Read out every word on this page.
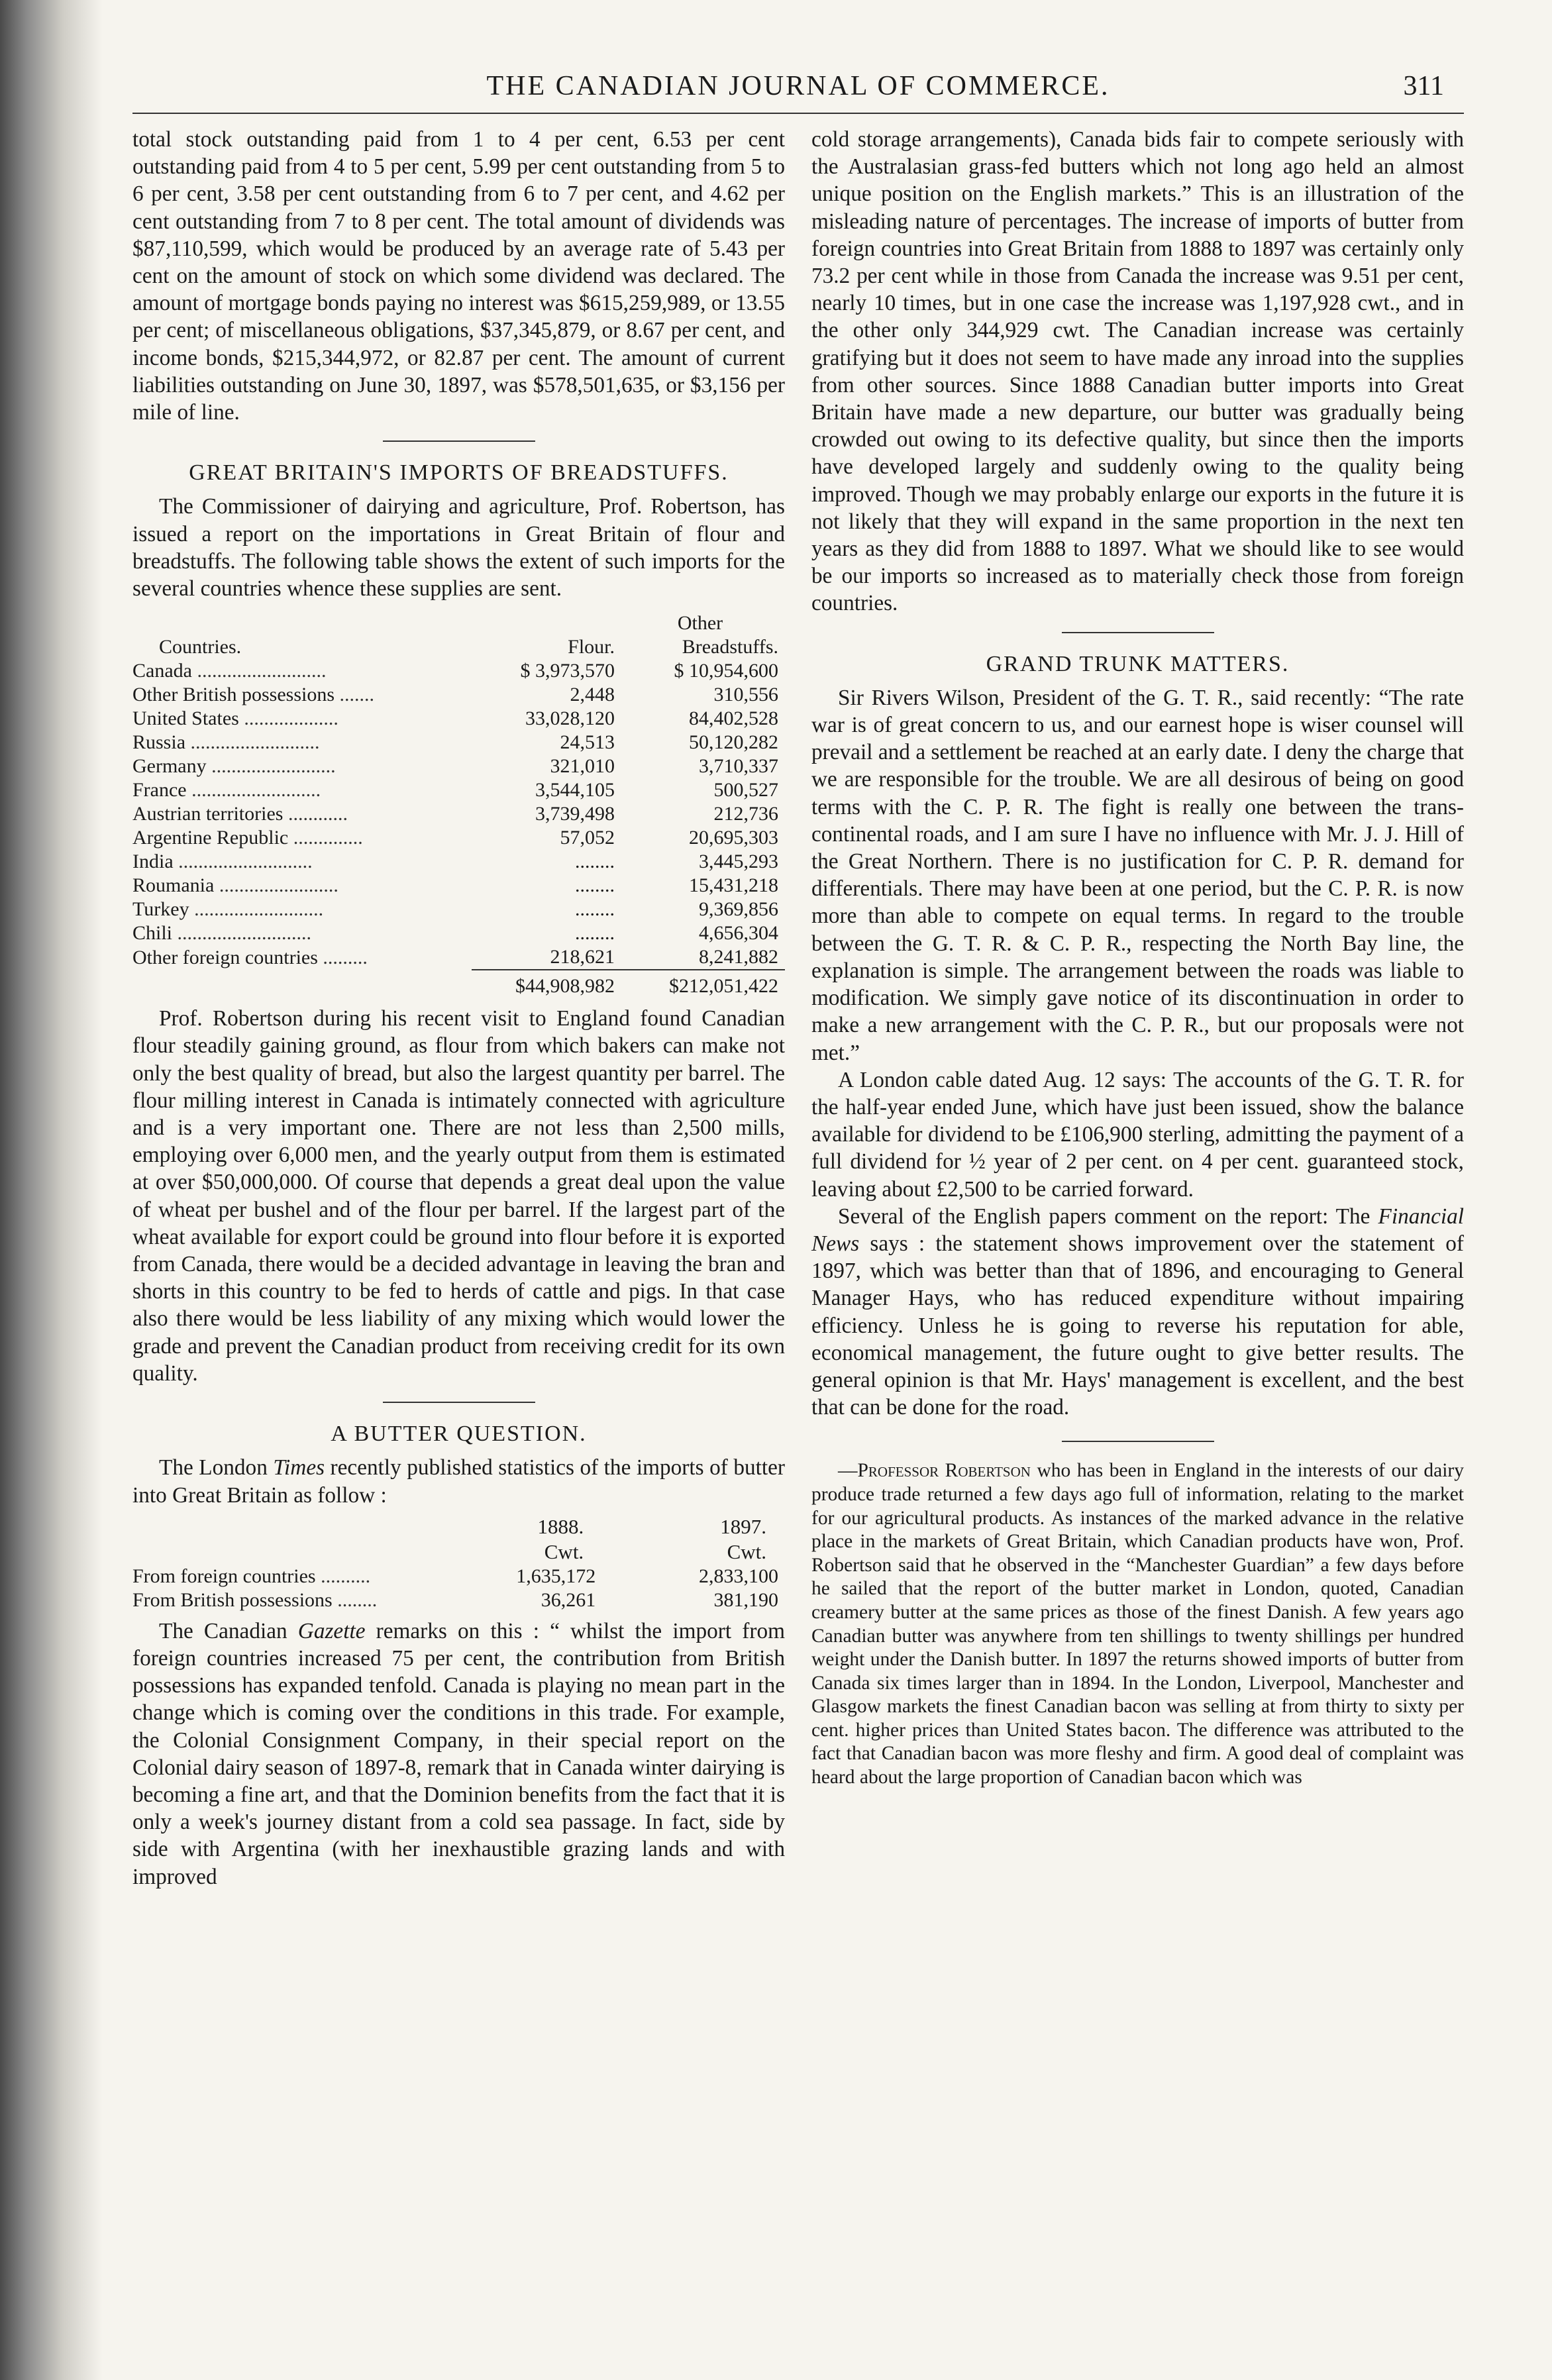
THE CANADIAN JOURNAL OF COMMERCE.	311

total stock outstanding paid from 1 to 4 per cent, 6.53 per cent outstanding paid from 4 to 5 per cent, 5.99 per cent outstanding from 5 to 6 per cent, 3.58 per cent outstanding from 6 to 7 per cent, and 4.62 per cent outstanding from 7 to 8 per cent. The total amount of dividends was $87,110,599, which would be produced by an average rate of 5.43 per cent on the amount of stock on which some dividend was declared. The amount of mortgage bonds paying no interest was $615,259,989, or 13.55 per cent; of miscellaneous obligations, $37,345,879, or 8.67 per cent, and income bonds, $215,344,972, or 82.87 per cent. The amount of current liabilities outstanding on June 30, 1897, was $578,501,635, or $3,156 per mile of line.

GREAT BRITAIN'S IMPORTS OF BREADSTUFFS.

The Commissioner of dairying and agriculture, Prof. Robertson, has issued a report on the importations in Great Britain of flour and breadstuffs. The following table shows the extent of such imports for the several countries whence these supplies are sent.

		Other
Countries.	Flour.	Breadstuffs.
Canada ..........................	$ 3,973,570	$ 10,954,600
Other British possessions .......	2,448	310,556
United States ...................	33,028,120	84,402,528
Russia ..........................	24,513	50,120,282
Germany .........................	321,010	3,710,337
France ..........................	3,544,105	500,527
Austrian territories ............	3,739,498	212,736
Argentine Republic ..............	57,052	20,695,303
India ...........................	........	3,445,293
Roumania ........................	........	15,431,218
Turkey ..........................	........	9,369,856
Chili ...........................	........	4,656,304
Other foreign countries .........	218,621	8,241,882
	$44,908,982	$212,051,422

Prof. Robertson during his recent visit to England found Canadian flour steadily gaining ground, as flour from which bakers can make not only the best quality of bread, but also the largest quantity per barrel. The flour milling interest in Canada is intimately connected with agriculture and is a very important one. There are not less than 2,500 mills, employing over 6,000 men, and the yearly output from them is estimated at over $50,000,000. Of course that depends a great deal upon the value of wheat per bushel and of the flour per barrel. If the largest part of the wheat available for export could be ground into flour before it is exported from Canada, there would be a decided advantage in leaving the bran and shorts in this country to be fed to herds of cattle and pigs. In that case also there would be less liability of any mixing which would lower the grade and prevent the Canadian product from receiving credit for its own quality.

A BUTTER QUESTION.

The London Times recently published statistics of the imports of butter into Great Britain as follow :

	1888.	1897.
	Cwt.	Cwt.
From foreign countries ..........	1,635,172	2,833,100
From British possessions ........	36,261	381,190

The Canadian Gazette remarks on this : “ whilst the import from foreign countries increased 75 per cent, the contribution from British possessions has expanded tenfold. Canada is playing no mean part in the change which is coming over the conditions in this trade. For example, the Colonial Consignment Company, in their special report on the Colonial dairy season of 1897-8, remark that in Canada winter dairying is becoming a fine art, and that the Dominion benefits from the fact that it is only a week's journey distant from a cold sea passage. In fact, side by side with Argentina (with her inexhaustible grazing lands and with improved

cold storage arrangements), Canada bids fair to compete seriously with the Australasian grass-fed butters which not long ago held an almost unique position on the English markets.” This is an illustration of the misleading nature of percentages. The increase of imports of butter from foreign countries into Great Britain from 1888 to 1897 was certainly only 73.2 per cent while in those from Canada the increase was 9.51 per cent, nearly 10 times, but in one case the increase was 1,197,928 cwt., and in the other only 344,929 cwt. The Canadian increase was certainly gratifying but it does not seem to have made any inroad into the supplies from other sources. Since 1888 Canadian butter imports into Great Britain have made a new departure, our butter was gradually being crowded out owing to its defective quality, but since then the imports have developed largely and suddenly owing to the quality being improved. Though we may probably enlarge our exports in the future it is not likely that they will expand in the same proportion in the next ten years as they did from 1888 to 1897. What we should like to see would be our imports so increased as to materially check those from foreign countries.

GRAND TRUNK MATTERS.

Sir Rivers Wilson, President of the G. T. R., said recently: “The rate war is of great concern to us, and our earnest hope is wiser counsel will prevail and a settlement be reached at an early date. I deny the charge that we are responsible for the trouble. We are all desirous of being on good terms with the C. P. R. The fight is really one between the trans-continental roads, and I am sure I have no influence with Mr. J. J. Hill of the Great Northern. There is no justification for C. P. R. demand for differentials. There may have been at one period, but the C. P. R. is now more than able to compete on equal terms. In regard to the trouble between the G. T. R. & C. P. R., respecting the North Bay line, the explanation is simple. The arrangement between the roads was liable to modification. We simply gave notice of its discontinuation in order to make a new arrangement with the C. P. R., but our proposals were not met.”

A London cable dated Aug. 12 says: The accounts of the G. T. R. for the half-year ended June, which have just been issued, show the balance available for dividend to be £106,900 sterling, admitting the payment of a full dividend for ½ year of 2 per cent. on 4 per cent. guaranteed stock, leaving about £2,500 to be carried forward.

Several of the English papers comment on the report: The Financial News says : the statement shows improvement over the statement of 1897, which was better than that of 1896, and encouraging to General Manager Hays, who has reduced expenditure without impairing efficiency. Unless he is going to reverse his reputation for able, economical management, the future ought to give better results. The general opinion is that Mr. Hays' management is excellent, and the best that can be done for the road.

—Professor Robertson who has been in England in the interests of our dairy produce trade returned a few days ago full of information, relating to the market for our agricultural products. As instances of the marked advance in the relative place in the markets of Great Britain, which Canadian products have won, Prof. Robertson said that he observed in the “Manchester Guardian” a few days before he sailed that the report of the butter market in London, quoted, Canadian creamery butter at the same prices as those of the finest Danish. A few years ago Canadian butter was anywhere from ten shillings to twenty shillings per hundred weight under the Danish butter. In 1897 the returns showed imports of butter from Canada six times larger than in 1894. In the London, Liverpool, Manchester and Glasgow markets the finest Canadian bacon was selling at from thirty to sixty per cent. higher prices than United States bacon. The difference was attributed to the fact that Canadian bacon was more fleshy and firm. A good deal of complaint was heard about the large proportion of Canadian bacon which was
